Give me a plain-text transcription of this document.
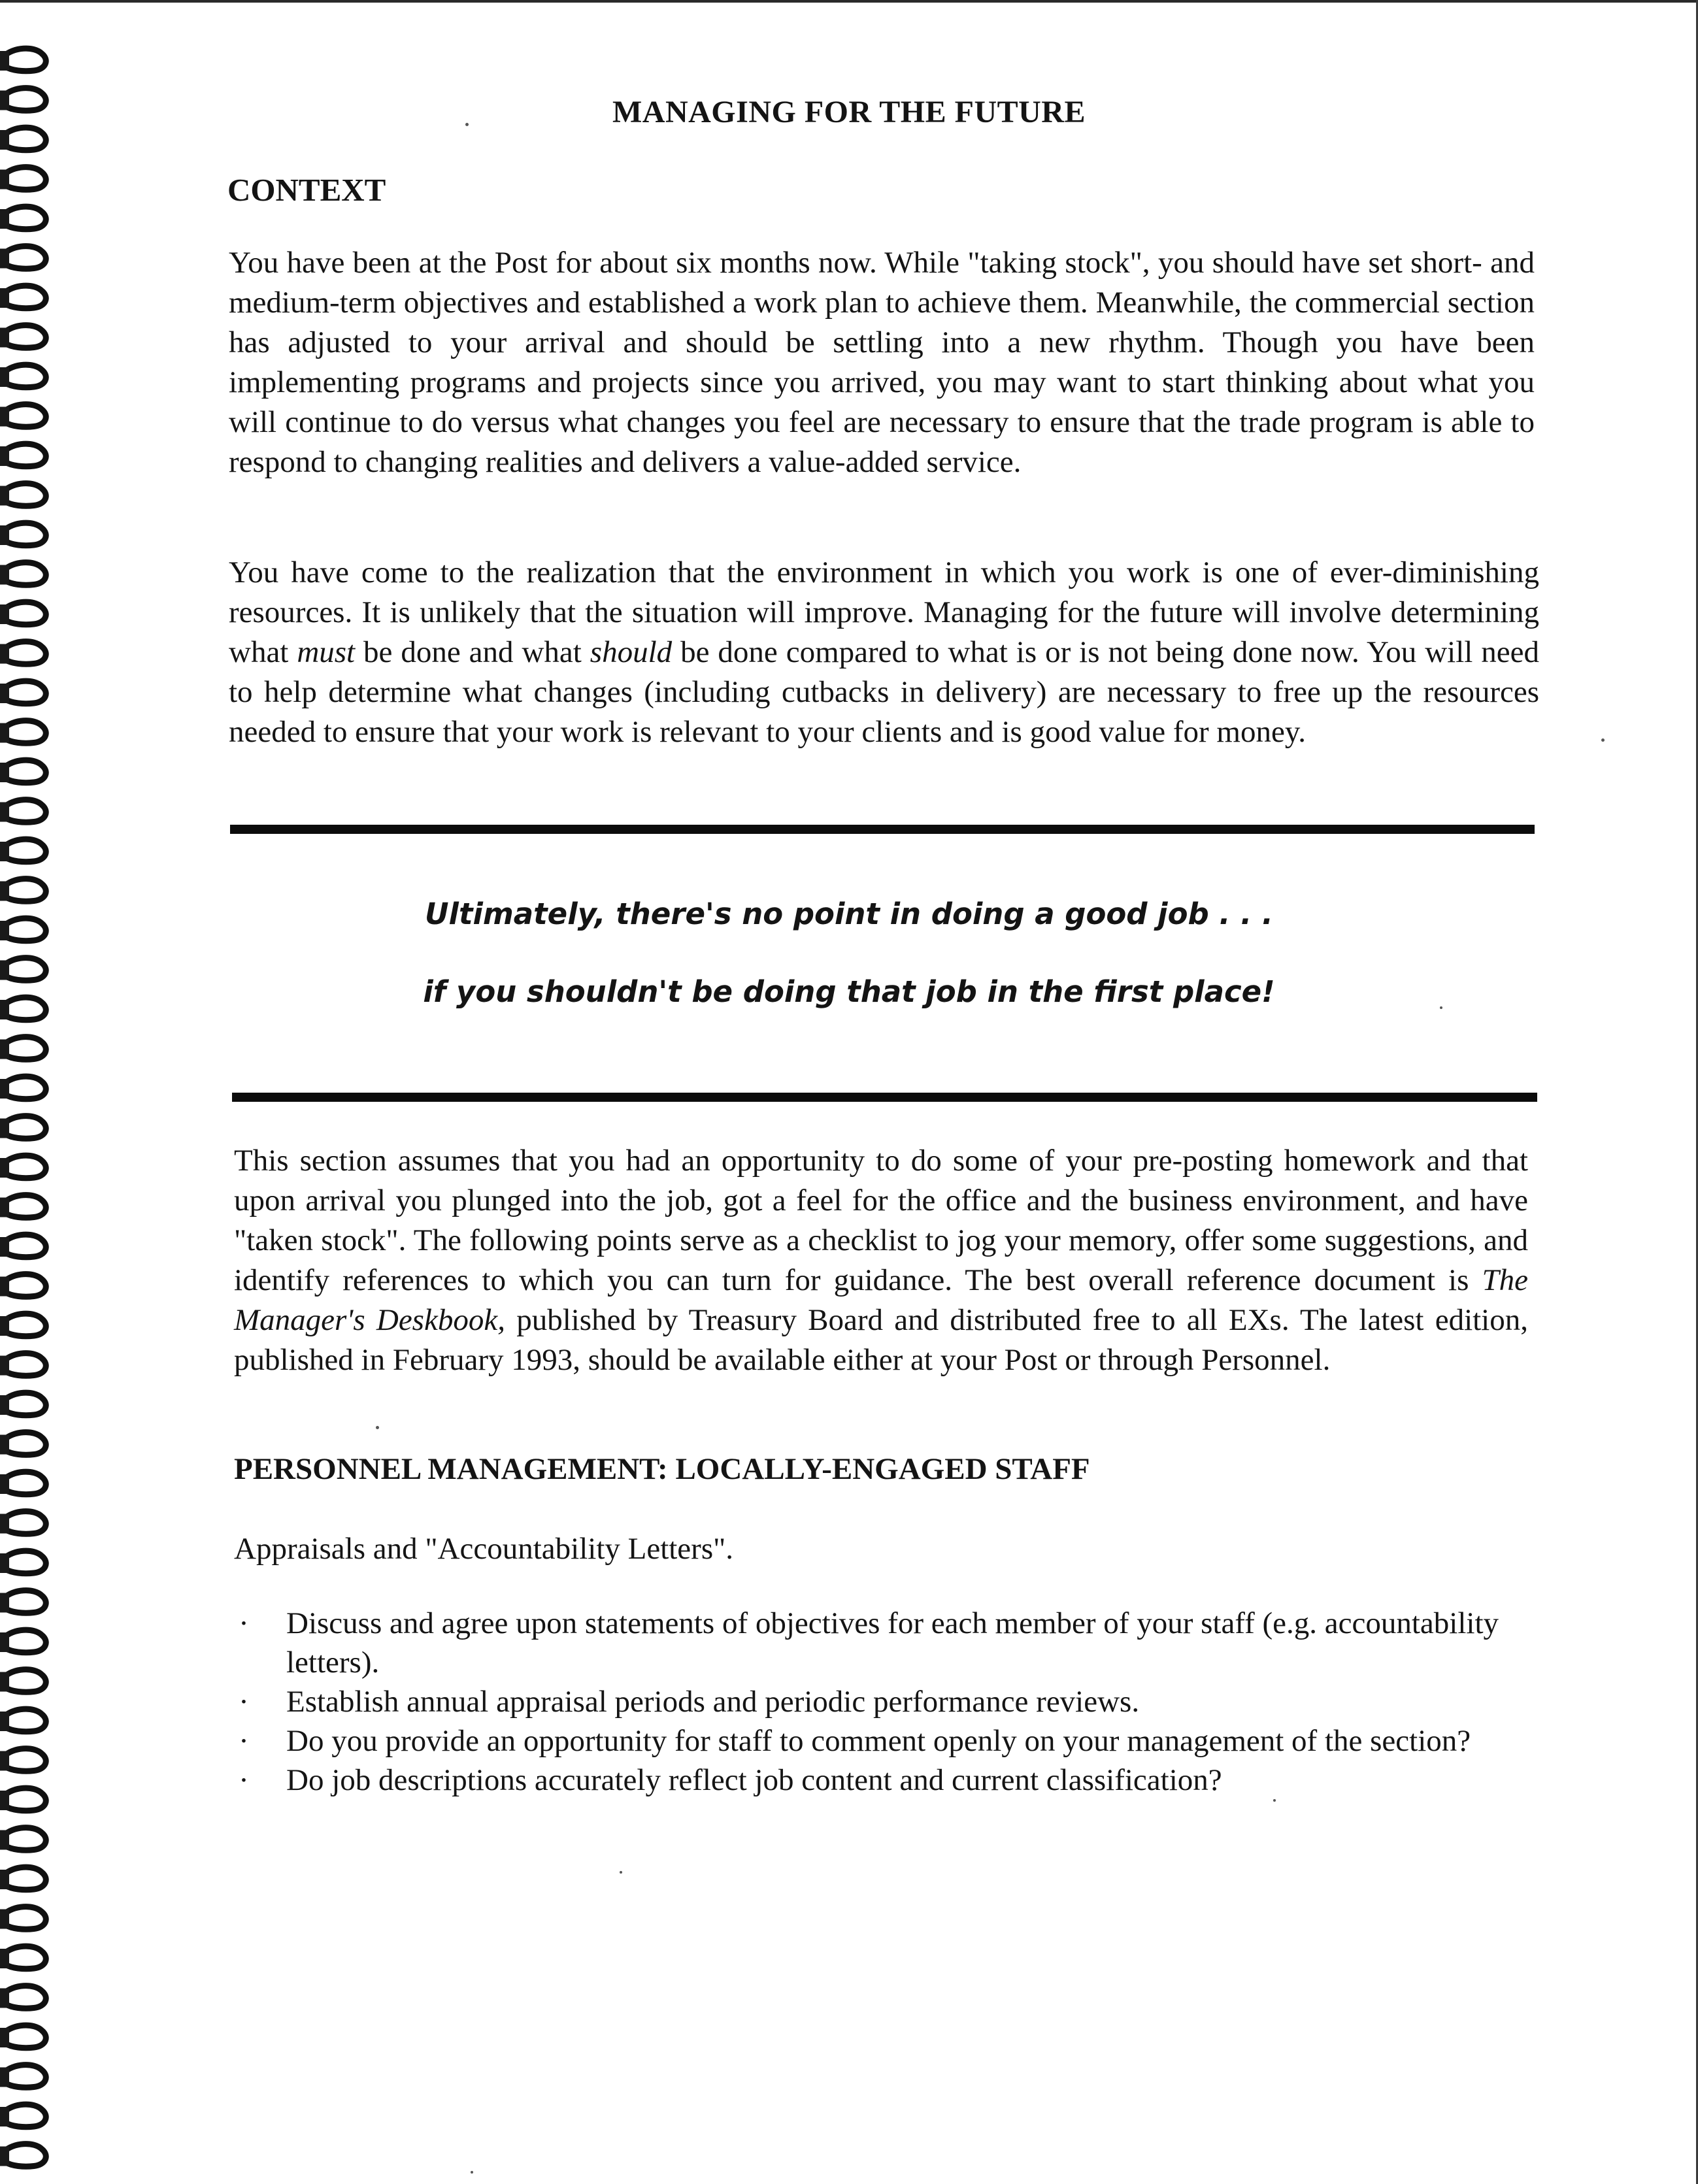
MANAGING FOR THE FUTURE
CONTEXT

You have been at the Post for about six months now. While "taking stock", you should have set short- and medium-term objectives and established a work plan to achieve them. Meanwhile, the commercial section has adjusted to your arrival and should be settling into a new rhythm. Though you have been implementing programs and projects since you arrived, you may want to start thinking about what you will continue to do versus what changes you feel are necessary to ensure that the trade program is able to respond to changing realities and delivers a value-added service.

You have come to the realization that the environment in which you work is one of ever-diminishing resources. It is unlikely that the situation will improve. Managing for the future will involve determining what must be done and what should be done compared to what is or is not being done now. You will need to help determine what changes (including cutbacks in delivery) are necessary to free up the resources needed to ensure that your work is relevant to your clients and is good value for money.

Ultimately, there's no point in doing a good job . . .
if you shouldn't be doing that job in the first place!

This section assumes that you had an opportunity to do some of your pre-posting homework and that upon arrival you plunged into the job, got a feel for the office and the business environment, and have "taken stock". The following points serve as a checklist to jog your memory, offer some suggestions, and identify references to which you can turn for guidance. The best overall reference document is The Manager's Deskbook, published by Treasury Board and distributed free to all EXs. The latest edition, published in February 1993, should be available either at your Post or through Personnel.

PERSONNEL MANAGEMENT: LOCALLY-ENGAGED STAFF
Appraisals and "Accountability Letters".
· Discuss and agree upon statements of objectives for each member of your staff (e.g. accountability letters).
· Establish annual appraisal periods and periodic performance reviews.
· Do you provide an opportunity for staff to comment openly on your management of the section?
· Do job descriptions accurately reflect job content and current classification?
